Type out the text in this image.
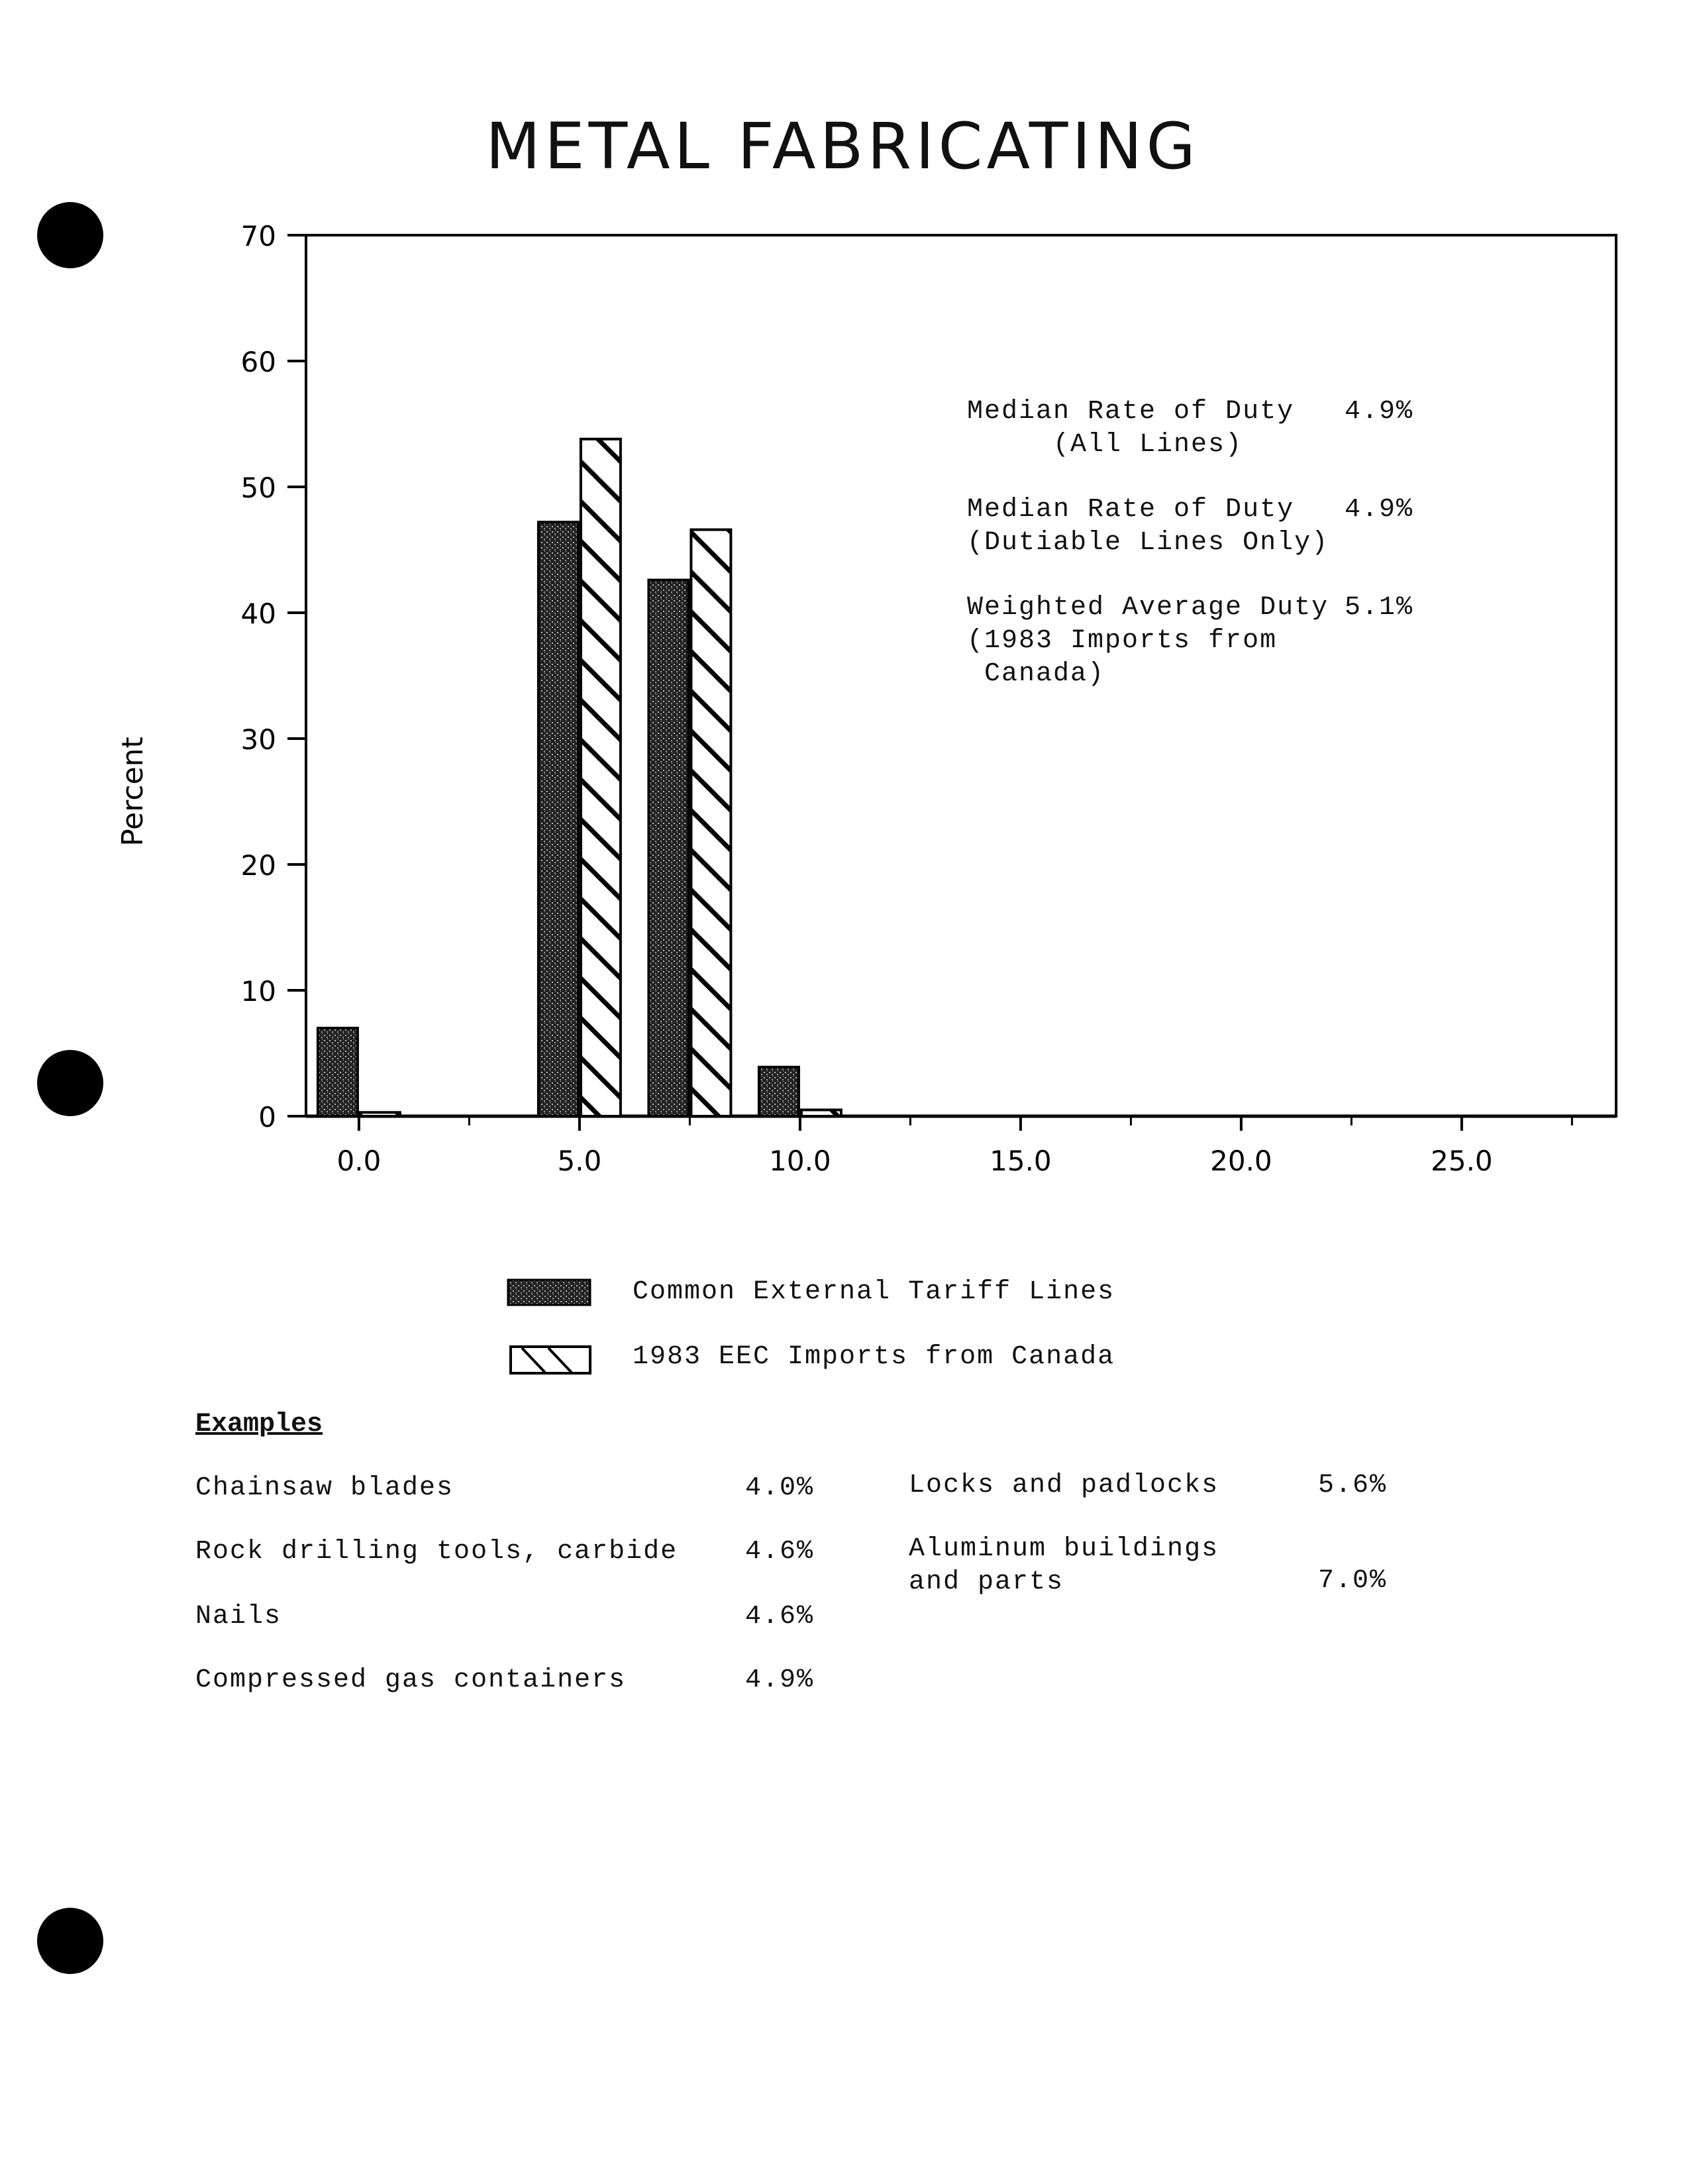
METAL FABRICATING
0
10
20
30
40
50
60
70
0.0	5.0	10.0	15.0	20.0	25.0
Percent
Median Rate of Duty
(All Lines)
4.9%
Median Rate of Duty
(Dutiable Lines Only)
4.9%
Weighted Average Duty
(1983 Imports from
Canada)
5.1%
Common External Tariff Lines
1983 EEC Imports from Canada
Examples
Chainsaw blades	4.0%
Rock drilling tools, carbide	4.6%
Nails	4.6%
Compressed gas containers	4.9%
Locks and padlocks	5.6%
Aluminum buildings
and parts	7.0%
